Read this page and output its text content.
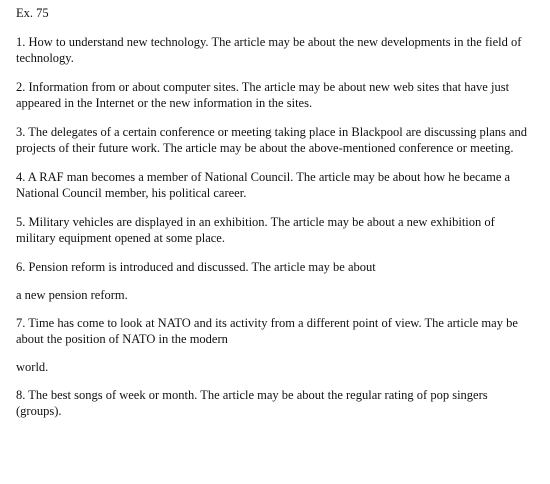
Ex. 75

1. How to understand new technology. The article may be about the new developments in the field of technology.

2. Information from or about computer sites. The article may be about new web sites that have just appeared in the Internet or the new information in the sites.

3. The delegates of a certain conference or meeting taking place in Blackpool are discussing plans and projects of their future work. The article may be about the above-mentioned conference or meeting.

4. A RAF man becomes a member of National Council. The article may be about how he became a National Council member, his political career.

5. Military vehicles are displayed in an exhibition. The article may be about a new exhibition of military equipment opened at some place.

6. Pension reform is introduced and discussed. The article may be about

a new pension reform.

7. Time has come to look at NATO and its activity from a different point of view. The article may be about the position of NATO in the modern

world.

8. The best songs of week or month. The article may be about the regular rating of pop singers (groups).
